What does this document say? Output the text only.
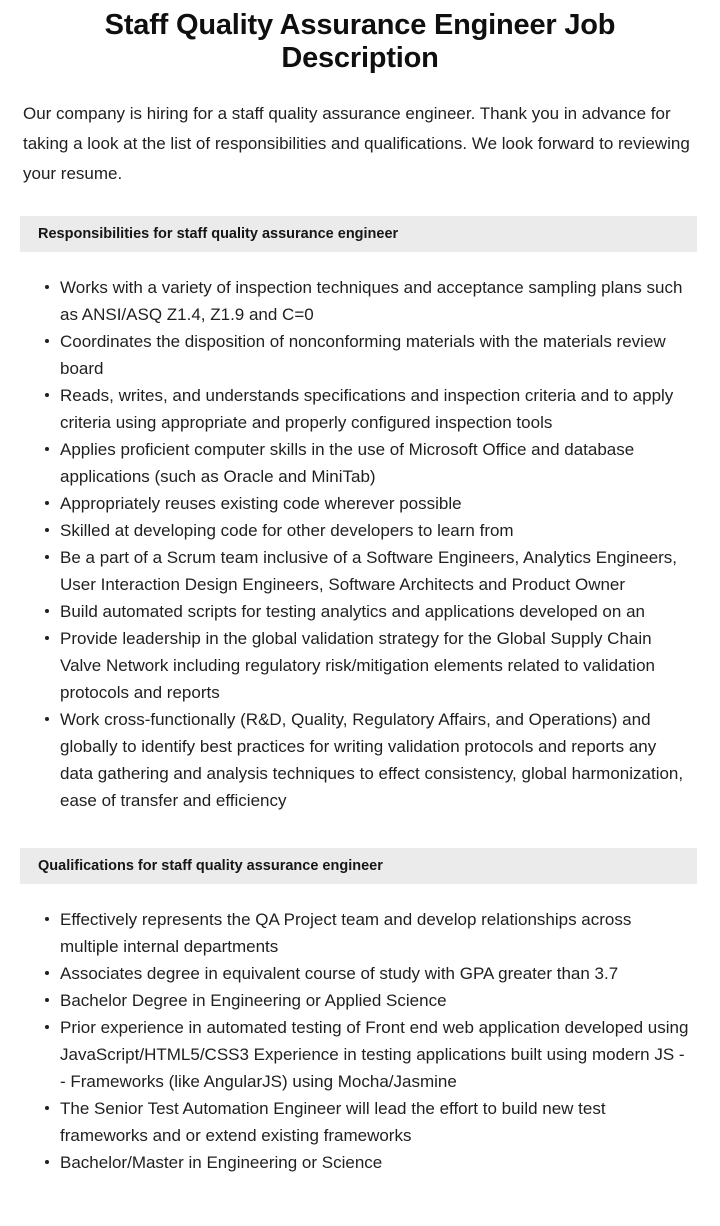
Staff Quality Assurance Engineer Job Description

Our company is hiring for a staff quality assurance engineer. Thank you in advance for taking a look at the list of responsibilities and qualifications. We look forward to reviewing your resume.

Responsibilities for staff quality assurance engineer
Works with a variety of inspection techniques and acceptance sampling plans such as ANSI/ASQ Z1.4, Z1.9 and C=0
Coordinates the disposition of nonconforming materials with the materials review board
Reads, writes, and understands specifications and inspection criteria and to apply criteria using appropriate and properly configured inspection tools
Applies proficient computer skills in the use of Microsoft Office and database applications (such as Oracle and MiniTab)
Appropriately reuses existing code wherever possible
Skilled at developing code for other developers to learn from
Be a part of a Scrum team inclusive of a Software Engineers, Analytics Engineers, User Interaction Design Engineers, Software Architects and Product Owner
Build automated scripts for testing analytics and applications developed on an
Provide leadership in the global validation strategy for the Global Supply Chain Valve Network including regulatory risk/mitigation elements related to validation protocols and reports
Work cross-functionally (R&D, Quality, Regulatory Affairs, and Operations) and globally to identify best practices for writing validation protocols and reports any data gathering and analysis techniques to effect consistency, global harmonization, ease of transfer and efficiency
Qualifications for staff quality assurance engineer
Effectively represents the QA Project team and develop relationships across multiple internal departments
Associates degree in equivalent course of study with GPA greater than 3.7
Bachelor Degree in Engineering or Applied Science
Prior experience in automated testing of Front end web application developed using JavaScript/HTML5/CSS3 Experience in testing applications built using modern JS - - Frameworks (like AngularJS) using Mocha/Jasmine
The Senior Test Automation Engineer will lead the effort to build new test frameworks and or extend existing frameworks
Bachelor/Master in Engineering or Science
